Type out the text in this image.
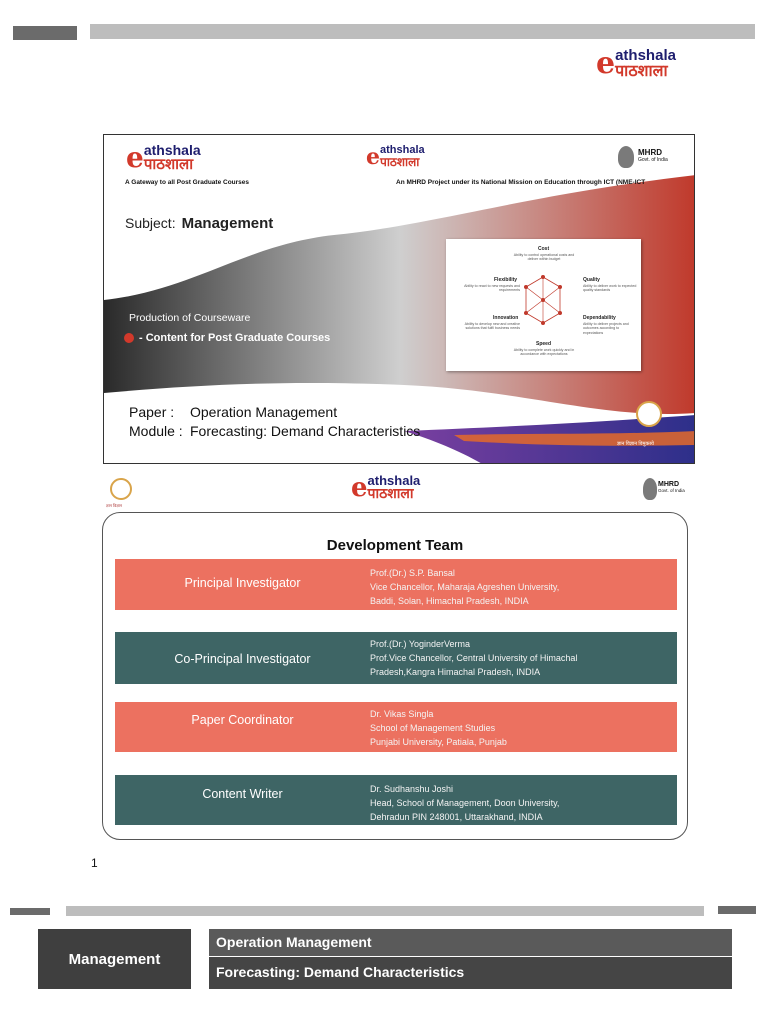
e athshala
पाठशाला
e athshala
पाठशाला
A Gateway to all Post Graduate Courses
e athshala
पाठशाला
An MHRD Project under its National Mission on Education through ICT (NME-ICT
MHRD
Govt. of India
Subject: Management
Cost
Ability to control operational costs and deliver within budget
Flexibility
Ability to react to new requests and requirements
Quality
Ability to deliver work to expected quality standards
Innovation
Ability to develop new and creative solutions that fulfil business needs
Dependability
Ability to deliver projects and outcomes according to expectations
Speed
Ability to complete work quickly and in accordance with expectations
Production of Courseware
- Content for Post Graduate Courses
Paper : Operation Management
Module : Forecasting: Demand Characteristics
ज्ञान विज्ञान विमुक्तये
ज्ञान विज्ञान
e athshala
पाठशाला
MHRD
Govt. of India
Development Team
Principal Investigator
Prof.(Dr.) S.P. Bansal
Vice Chancellor, Maharaja Agreshen University,
Baddi, Solan, Himachal Pradesh, INDIA
Co-Principal Investigator
Prof.(Dr.) YoginderVerma
Prof.Vice Chancellor, Central University of Himachal
Pradesh,Kangra Himachal Pradesh, INDIA
Paper Coordinator	Dr. Vikas Singla
School of Management Studies
Punjabi University, Patiala, Punjab
Content Writer	Dr. Sudhanshu Joshi
Head, School of Management, Doon University,
Dehradun PIN 248001, Uttarakhand, INDIA
1
Management
Operation Management
Forecasting: Demand Characteristics
